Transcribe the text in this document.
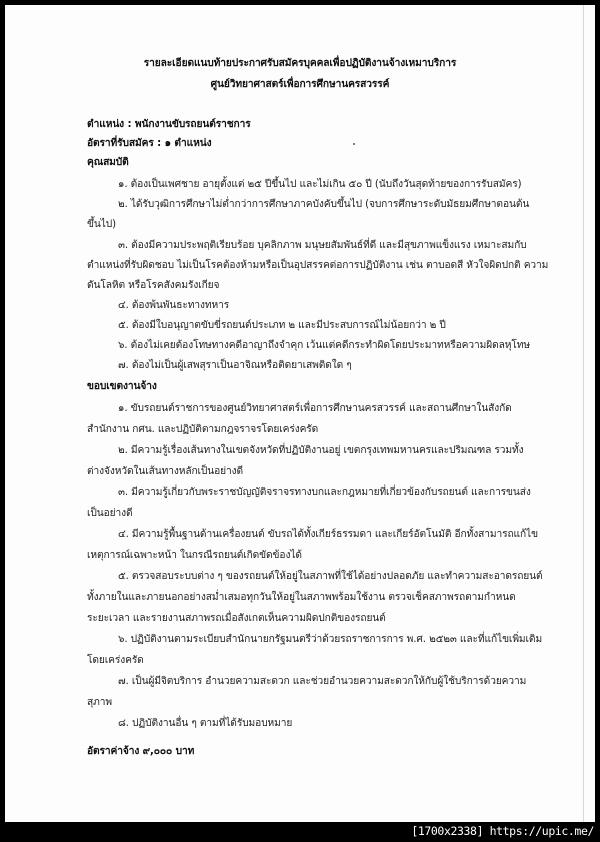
รายละเอียดแนบท้ายประกาศรับสมัครบุคคลเพื่อปฏิบัติงานจ้างเหมาบริการ
ศูนย์วิทยาศาสตร์เพื่อการศึกษานครสวรรค์
ตำแหน่ง : พนักงานขับรถยนต์ราชการ
อัตราที่รับสมัคร : ๑ ตำแหน่ง
คุณสมบัติ
๑. ต้องเป็นเพศชาย อายุตั้งแต่ ๒๕ ปีขึ้นไป และไม่เกิน ๕๐ ปี (นับถึงวันสุดท้ายของการรับสมัคร)
๒. ได้รับวุฒิการศึกษาไม่ต่ำกว่าการศึกษาภาคบังคับขึ้นไป (จบการศึกษาระดับมัธยมศึกษาตอนต้น
ขึ้นไป)
๓. ต้องมีความประพฤติเรียบร้อย บุคลิกภาพ มนุษยสัมพันธ์ที่ดี และมีสุขภาพแข็งแรง เหมาะสมกับ
ตำแหน่งที่รับผิดชอบ ไม่เป็นโรคต้องห้ามหรือเป็นอุปสรรคต่อการปฏิบัติงาน เช่น ตาบอดสี หัวใจผิดปกติ ความ
ดันโลหิต หรือโรคสังคมรังเกียจ
๔. ต้องพ้นพันธะทางทหาร
๕. ต้องมีใบอนุญาตขับขี่รถยนต์ประเภท ๒ และมีประสบการณ์ไม่น้อยกว่า ๒ ปี
๖. ต้องไม่เคยต้องโทษทางคดีอาญาถึงจำคุก เว้นแต่คดีกระทำผิดโดยประมาทหรือความผิดลหุโทษ
๗. ต้องไม่เป็นผู้เสพสุราเป็นอาจิณหรือติดยาเสพติดใด ๆ
ขอบเขตงานจ้าง
๑. ขับรถยนต์ราชการของศูนย์วิทยาศาสตร์เพื่อการศึกษานครสวรรค์ และสถานศึกษาในสังกัด
สำนักงาน กศน. และปฏิบัติตามกฎจราจรโดยเคร่งครัด
๒. มีความรู้เรื่องเส้นทางในเขตจังหวัดที่ปฏิบัติงานอยู่ เขตกรุงเทพมหานครและปริมณฑล รวมทั้ง
ต่างจังหวัดในเส้นทางหลักเป็นอย่างดี
๓. มีความรู้เกี่ยวกับพระราชบัญญัติจราจรทางบกและกฎหมายที่เกี่ยวข้องกับรถยนต์ และการขนส่ง
เป็นอย่างดี
๔. มีความรู้พื้นฐานด้านเครื่องยนต์ ขับรถได้ทั้งเกียร์ธรรมดา และเกียร์อัตโนมัติ อีกทั้งสามารถแก้ไข
เหตุการณ์เฉพาะหน้า ในกรณีรถยนต์เกิดขัดข้องได้
๕. ตรวจสอบระบบต่าง ๆ ของรถยนต์ให้อยู่ในสภาพที่ใช้ได้อย่างปลอดภัย และทำความสะอาดรถยนต์
ทั้งภายในและภายนอกอย่างสม่ำเสมอทุกวันให้อยู่ในสภาพพร้อมใช้งาน ตรวจเช็คสภาพรถตามกำหนด
ระยะเวลา และรายงานสภาพรถเมื่อสังเกตเห็นความผิดปกติของรถยนต์
๖. ปฏิบัติงานตามระเบียบสำนักนายกรัฐมนตรีว่าด้วยรถราชการการ พ.ศ. ๒๕๒๓ และที่แก้ไขเพิ่มเติม
โดยเคร่งครัด
๗. เป็นผู้มีจิตบริการ อำนวยความสะดวก และช่วยอำนวยความสะดวกให้กับผู้ใช้บริการด้วยความ
สุภาพ
๘. ปฏิบัติงานอื่น ๆ ตามที่ได้รับมอบหมาย
อัตราค่าจ้าง ๙,๐๐๐ บาท
[1700x2338] https://upic.me/
